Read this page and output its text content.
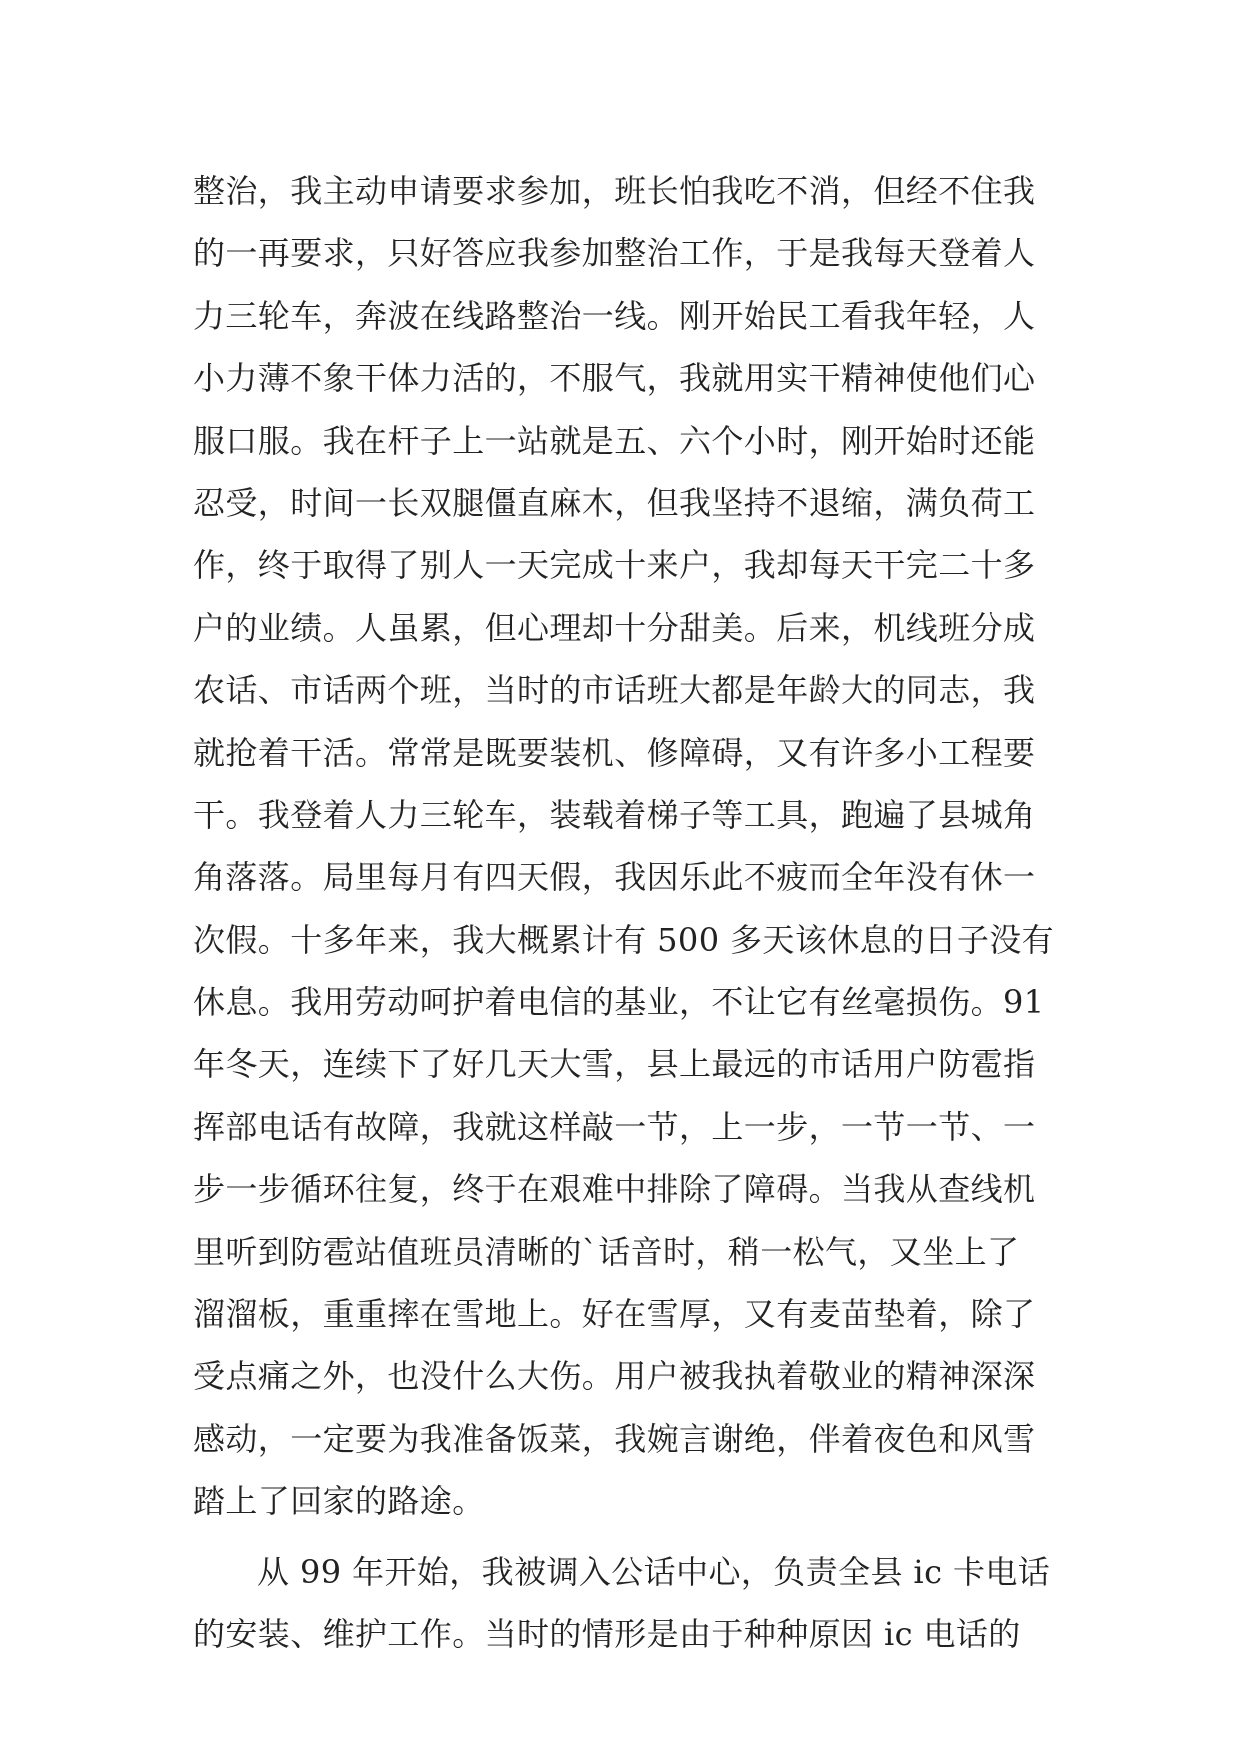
整治，我主动申请要求参加，班长怕我吃不消，但经不住我
的一再要求，只好答应我参加整治工作，于是我每天登着人
力三轮车，奔波在线路整治一线。刚开始民工看我年轻，人
小力薄不象干体力活的，不服气，我就用实干精神使他们心
服口服。我在杆子上一站就是五、六个小时，刚开始时还能
忍受，时间一长双腿僵直麻木，但我坚持不退缩，满负荷工
作，终于取得了别人一天完成十来户，我却每天干完二十多
户的业绩。人虽累，但心理却十分甜美。后来，机线班分成
农话、市话两个班，当时的市话班大都是年龄大的同志，我
就抢着干活。常常是既要装机、修障碍，又有许多小工程要
干。我登着人力三轮车，装载着梯子等工具，跑遍了县城角
角落落。局里每月有四天假，我因乐此不疲而全年没有休一
次假。十多年来，我大概累计有 500 多天该休息的日子没有
休息。我用劳动呵护着电信的基业，不让它有丝毫损伤。91
年冬天，连续下了好几天大雪，县上最远的市话用户防雹指
挥部电话有故障，我就这样敲一节，上一步，一节一节、一
步一步循环往复，终于在艰难中排除了障碍。当我从查线机
里听到防雹站值班员清晰的`话音时，稍一松气，又坐上了
溜溜板，重重摔在雪地上。好在雪厚，又有麦苗垫着，除了
受点痛之外，也没什么大伤。用户被我执着敬业的精神深深
感动，一定要为我准备饭菜，我婉言谢绝，伴着夜色和风雪
踏上了回家的路途。
从 99 年开始，我被调入公话中心，负责全县 ic 卡电话
的安装、维护工作。当时的情形是由于种种原因 ic 电话的
